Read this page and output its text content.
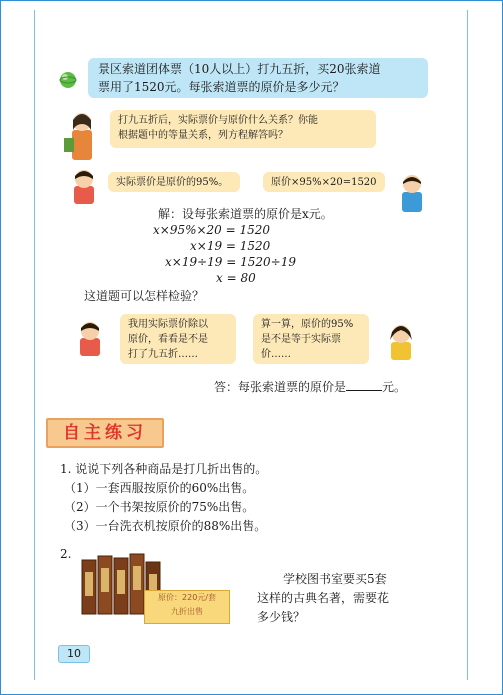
景区索道团体票（10人以上）打九五折，买20张索道
票用了1520元。每张索道票的原价是多少元？
打九五折后，实际票价与原价什么关系？你能
根据题中的等量关系，列方程解答吗？
实际票价是原价的95%。	原价×95%×20=1520
解：设每张索道票的原价是x元。
x×95%×20 = 1520
x×19 = 1520
x×19÷19 = 1520÷19
x = 80
这道题可以怎样检验？
我用实际票价除以
原价，看看是不是
打了九五折……
算一算，原价的95%
是不是等于实际票
价……
答：每张索道票的原价是	元。
自主练习
1. 说说下列各种商品是打几折出售的。
（1）一套西服按原价的60%出售。
（2）一个书架按原价的75%出售。
（3）一台洗衣机按原价的88%出售。
2.
原价：220元/套
九折出售
学校图书室要买5套
这样的古典名著，需要花
多少钱？
10
